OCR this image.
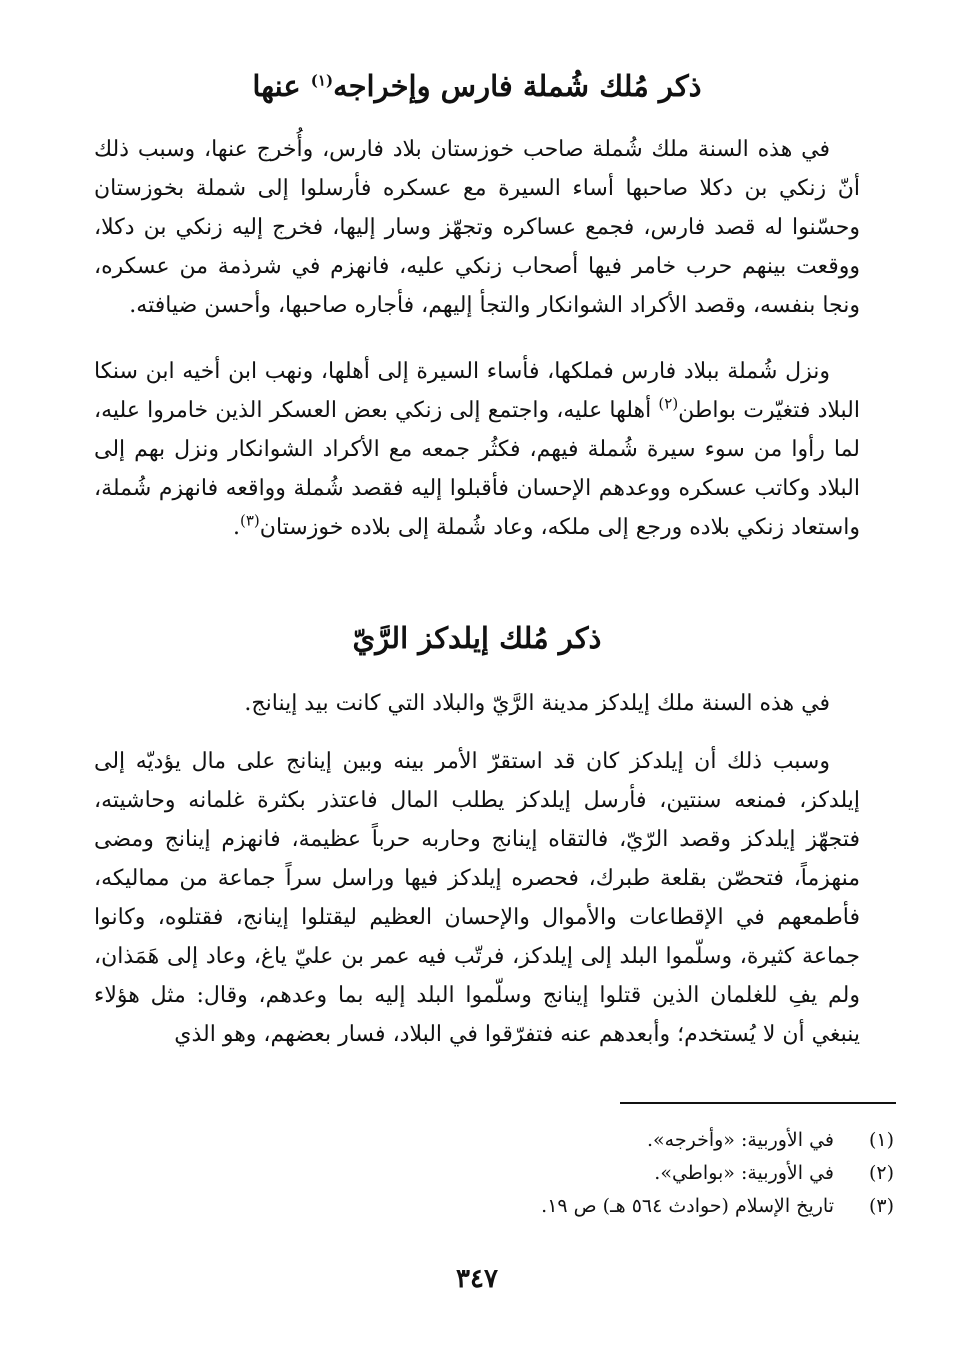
ذكر مُلك شُملة فارس وإخراجه$^{(١)}$ عنها
في هذه السنة ملك شُملة صاحب خوزستان بلاد فارس، وأُخرج عنها، وسبب ذلك أنّ زنكي بن دكلا صاحبها أساء السيرة مع عسكره فأرسلوا إلى شملة بخوزستان وحسّنوا له قصد فارس، فجمع عساكره وتجهّز وسار إليها، فخرج إليه زنكي بن دكلا، ووقعت بينهم حرب خامر فيها أصحاب زنكي عليه، فانهزم في شرذمة من عسكره، ونجا بنفسه، وقصد الأكراد الشوانكار والتجأ إليهم، فأجاره صاحبها، وأحسن ضيافته.
ونزل شُملة ببلاد فارس فملكها، فأساء السيرة إلى أهلها، ونهب ابن أخيه ابن سنكا البلاد فتغيّرت بواطن$^{(٢)}$ أهلها عليه، واجتمع إلى زنكي بعض العسكر الذين خامروا عليه، لما رأوا من سوء سيرة شُملة فيهم، فكثُر جمعه مع الأكراد الشوانكار ونزل بهم إلى البلاد وكاتب عسكره ووعدهم الإحسان فأقبلوا إليه فقصد شُملة وواقعه فانهزم شُملة، واستعاد زنكي بلاده ورجع إلى ملكه، وعاد شُملة إلى بلاده خوزستان$^{(٣)}$.
ذكر مُلك إيلدكز الرَّيّ
في هذه السنة ملك إيلدكز مدينة الرَّيّ والبلاد التي كانت بيد إينانج.
وسبب ذلك أن إيلدكز كان قد استقرّ الأمر بينه وبين إينانج على مال يؤديّه إلى إيلدكز، فمنعه سنتين، فأرسل إيلدكز يطلب المال فاعتذر بكثرة غلمانه وحاشيته، فتجهّز إيلدكز وقصد الرّيّ، فالتقاه إينانج وحاربه حرباً عظيمة، فانهزم إينانج ومضى منهزماً، فتحصّن بقلعة طبرك، فحصره إيلدكز فيها وراسل سراً جماعة من مماليكه، فأطمعهم في الإقطاعات والأموال والإحسان العظيم ليقتلوا إينانج، فقتلوه، وكانوا جماعة كثيرة، وسلّموا البلد إلى إيلدكز، فرتّب فيه عمر بن عليّ ياغ، وعاد إلى هَمَذان، ولم يفِ للغلمان الذين قتلوا إينانج وسلّموا البلد إليه بما وعدهم، وقال: مثل هؤلاء ينبغي أن لا يُستخدم؛ وأبعدهم عنه فتفرّقوا في البلاد، فسار بعضهم، وهو الذي
(١)
في الأوربية: «وأخرجه».
(٢)
في الأوربية: «بواطي».
(٣)
تاريخ الإسلام (حوادث ٥٦٤ هـ) ص ١٩.
٣٤٧
